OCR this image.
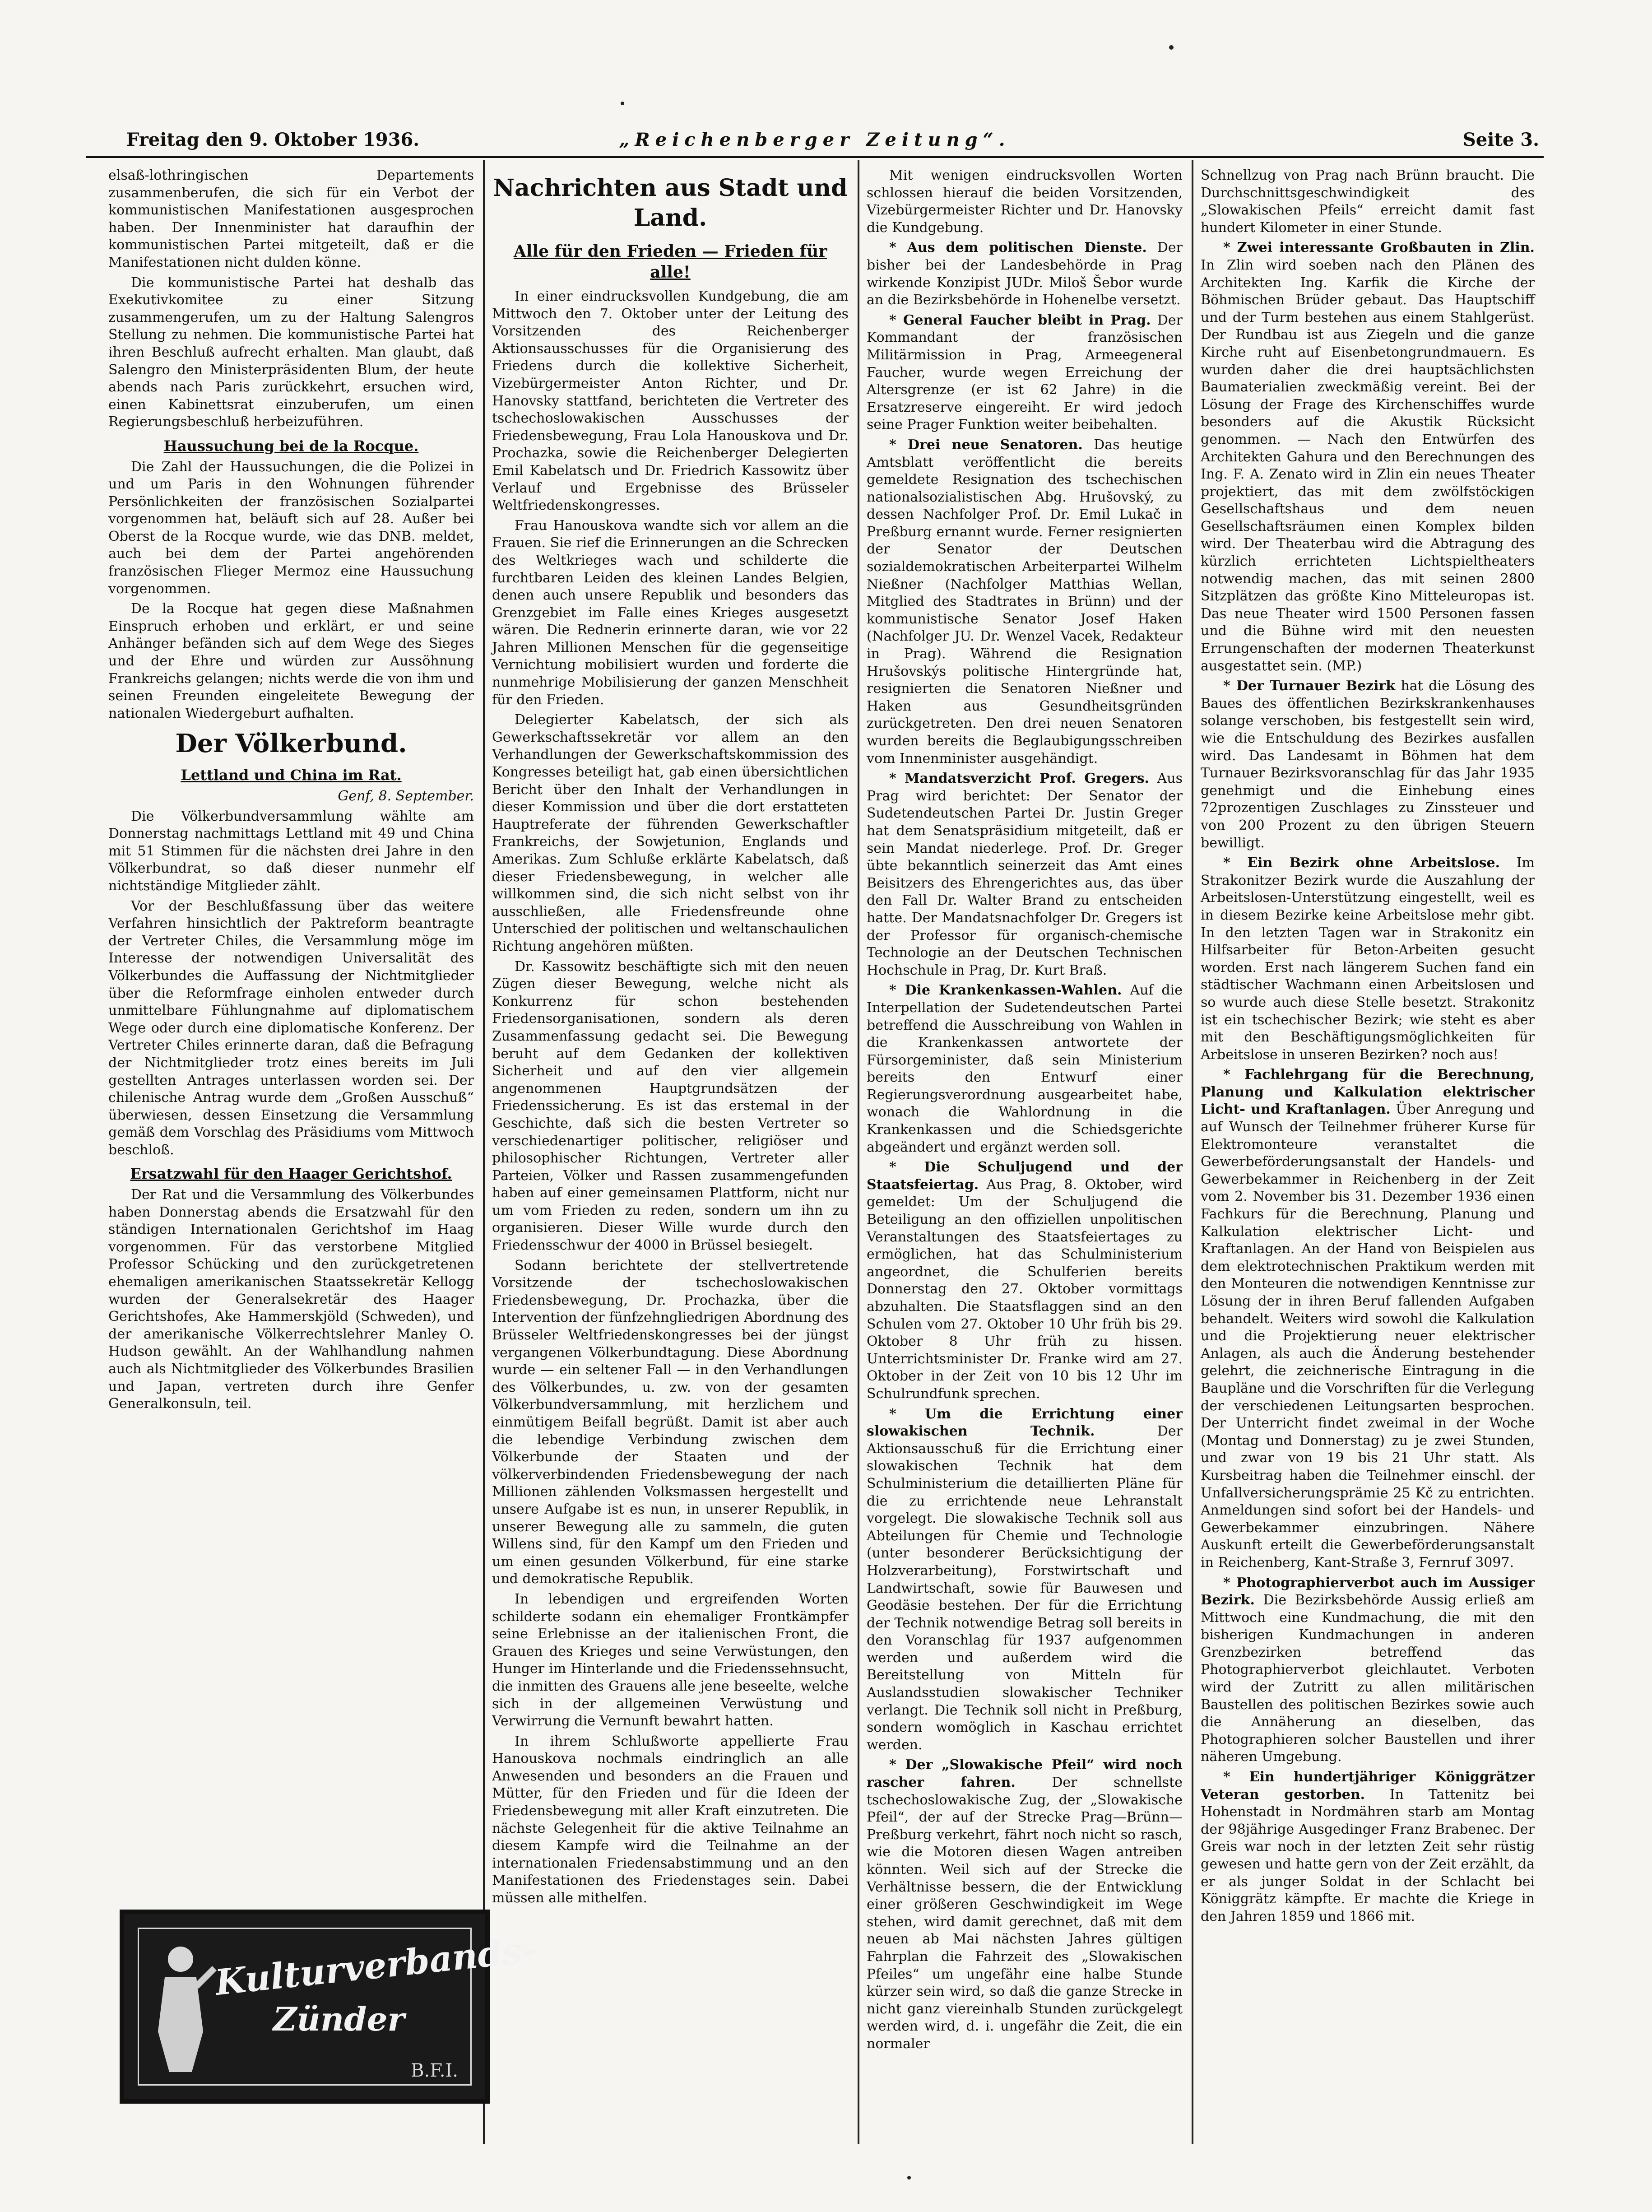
Freitag den 9. Oktober 1936.	„Reichenberger Zeitung“.	Seite 3.

elsaß-lothringischen Departements zusammenberufen, die sich für ein Verbot der kommunistischen Manifestationen ausgesprochen haben. Der Innenminister hat daraufhin der kommunistischen Partei mitgeteilt, daß er die Manifestationen nicht dulden könne.

Die kommunistische Partei hat deshalb das Exekutivkomitee zu einer Sitzung zusammengerufen, um zu der Haltung Salengros Stellung zu nehmen. Die kommunistische Partei hat ihren Beschluß aufrecht erhalten. Man glaubt, daß Salengro den Ministerpräsidenten Blum, der heute abends nach Paris zurückkehrt, ersuchen wird, einen Kabinettsrat einzuberufen, um einen Regierungsbeschluß herbeizuführen.

Haussuchung bei de la Rocque.

Die Zahl der Haussuchungen, die die Polizei in und um Paris in den Wohnungen führender Persönlichkeiten der französischen Sozialpartei vorgenommen hat, beläuft sich auf 28. Außer bei Oberst de la Rocque wurde, wie das DNB. meldet, auch bei dem der Partei angehörenden französischen Flieger Mermoz eine Haussuchung vorgenommen.

De la Rocque hat gegen diese Maßnahmen Einspruch erhoben und erklärt, er und seine Anhänger befänden sich auf dem Wege des Sieges und der Ehre und würden zur Aussöhnung Frankreichs gelangen; nichts werde die von ihm und seinen Freunden eingeleitete Bewegung der nationalen Wiedergeburt aufhalten.

Der Völkerbund.
Lettland und China im Rat.
Genf, 8. September.

Die Völkerbundversammlung wählte am Donnerstag nachmittags Lettland mit 49 und China mit 51 Stimmen für die nächsten drei Jahre in den Völkerbundrat, so daß dieser nunmehr elf nichtständige Mitglieder zählt.

Vor der Beschlußfassung über das weitere Verfahren hinsichtlich der Paktreform beantragte der Vertreter Chiles, die Versammlung möge im Interesse der notwendigen Universalität des Völkerbundes die Auffassung der Nichtmitglieder über die Reformfrage einholen entweder durch unmittelbare Fühlungnahme auf diplomatischem Wege oder durch eine diplomatische Konferenz. Der Vertreter Chiles erinnerte daran, daß die Befragung der Nichtmitglieder trotz eines bereits im Juli gestellten Antrages unterlassen worden sei. Der chilenische Antrag wurde dem „Großen Ausschuß“ überwiesen, dessen Einsetzung die Versammlung gemäß dem Vorschlag des Präsidiums vom Mittwoch beschloß.

Ersatzwahl für den Haager Gerichtshof.

Der Rat und die Versammlung des Völkerbundes haben Donnerstag abends die Ersatzwahl für den ständigen Internationalen Gerichtshof im Haag vorgenommen. Für das verstorbene Mitglied Professor Schücking und den zurückgetretenen ehemaligen amerikanischen Staatssekretär Kellogg wurden der Generalsekretär des Haager Gerichtshofes, Ake Hammerskjöld (Schweden), und der amerikanische Völkerrechtslehrer Manley O. Hudson gewählt. An der Wahlhandlung nahmen auch als Nichtmitglieder des Völkerbundes Brasilien und Japan, vertreten durch ihre Genfer Generalkonsuln, teil.

Kulturverbands-
Zünder
B.F.I.
Nachrichten aus Stadt und Land.
Alle für den Frieden — Frieden für alle!

In einer eindrucksvollen Kundgebung, die am Mittwoch den 7. Oktober unter der Leitung des Vorsitzenden des Reichenberger Aktionsausschusses für die Organisierung des Friedens durch die kollektive Sicherheit, Vizebürgermeister Anton Richter, und Dr. Hanovsky stattfand, berichteten die Vertreter des tschechoslowakischen Ausschusses der Friedensbewegung, Frau Lola Hanouskova und Dr. Prochazka, sowie die Reichenberger Delegierten Emil Kabelatsch und Dr. Friedrich Kassowitz über Verlauf und Ergebnisse des Brüsseler Weltfriedenskongresses.

Frau Hanouskova wandte sich vor allem an die Frauen. Sie rief die Erinnerungen an die Schrecken des Weltkrieges wach und schilderte die furchtbaren Leiden des kleinen Landes Belgien, denen auch unsere Republik und besonders das Grenzgebiet im Falle eines Krieges ausgesetzt wären. Die Rednerin erinnerte daran, wie vor 22 Jahren Millionen Menschen für die gegenseitige Vernichtung mobilisiert wurden und forderte die nunmehrige Mobilisierung der ganzen Menschheit für den Frieden.

Delegierter Kabelatsch, der sich als Gewerkschaftssekretär vor allem an den Verhandlungen der Gewerkschaftskommission des Kongresses beteiligt hat, gab einen übersichtlichen Bericht über den Inhalt der Verhandlungen in dieser Kommission und über die dort erstatteten Hauptreferate der führenden Gewerkschaftler Frankreichs, der Sowjetunion, Englands und Amerikas. Zum Schluße erklärte Kabelatsch, daß dieser Friedensbewegung, in welcher alle willkommen sind, die sich nicht selbst von ihr ausschließen, alle Friedensfreunde ohne Unterschied der politischen und weltanschaulichen Richtung angehören müßten.

Dr. Kassowitz beschäftigte sich mit den neuen Zügen dieser Bewegung, welche nicht als Konkurrenz für schon bestehenden Friedensorganisationen, sondern als deren Zusammenfassung gedacht sei. Die Bewegung beruht auf dem Gedanken der kollektiven Sicherheit und auf den vier allgemein angenommenen Hauptgrundsätzen der Friedenssicherung. Es ist das erstemal in der Geschichte, daß sich die besten Vertreter so verschiedenartiger politischer, religiöser und philosophischer Richtungen, Vertreter aller Parteien, Völker und Rassen zusammengefunden haben auf einer gemeinsamen Plattform, nicht nur um vom Frieden zu reden, sondern um ihn zu organisieren. Dieser Wille wurde durch den Friedensschwur der 4000 in Brüssel besiegelt.

Sodann berichtete der stellvertretende Vorsitzende der tschechoslowakischen Friedensbewegung, Dr. Prochazka, über die Intervention der fünfzehngliedrigen Abordnung des Brüsseler Weltfriedenskongresses bei der jüngst vergangenen Völkerbundtagung. Diese Abordnung wurde — ein seltener Fall — in den Verhandlungen des Völkerbundes, u. zw. von der gesamten Völkerbundversammlung, mit herzlichem und einmütigem Beifall begrüßt. Damit ist aber auch die lebendige Verbindung zwischen dem Völkerbunde der Staaten und der völkerverbindenden Friedensbewegung der nach Millionen zählenden Volksmassen hergestellt und unsere Aufgabe ist es nun, in unserer Republik, in unserer Bewegung alle zu sammeln, die guten Willens sind, für den Kampf um den Frieden und um einen gesunden Völkerbund, für eine starke und demokratische Republik.

In lebendigen und ergreifenden Worten schilderte sodann ein ehemaliger Frontkämpfer seine Erlebnisse an der italienischen Front, die Grauen des Krieges und seine Verwüstungen, den Hunger im Hinterlande und die Friedenssehnsucht, die inmitten des Grauens alle jene beseelte, welche sich in der allgemeinen Verwüstung und Verwirrung die Vernunft bewahrt hatten.

In ihrem Schlußworte appellierte Frau Hanouskova nochmals eindringlich an alle Anwesenden und besonders an die Frauen und Mütter, für den Frieden und für die Ideen der Friedensbewegung mit aller Kraft einzutreten. Die nächste Gelegenheit für die aktive Teilnahme an diesem Kampfe wird die Teilnahme an der internationalen Friedensabstimmung und an den Manifestationen des Friedenstages sein. Dabei müssen alle mithelfen.

Mit wenigen eindrucksvollen Worten schlossen hierauf die beiden Vorsitzenden, Vizebürgermeister Richter und Dr. Hanovsky die Kundgebung.

* Aus dem politischen Dienste. Der bisher bei der Landesbehörde in Prag wirkende Konzipist JUDr. Miloš Šebor wurde an die Bezirksbehörde in Hohenelbe versetzt.

* General Faucher bleibt in Prag. Der Kommandant der französischen Militärmission in Prag, Armeegeneral Faucher, wurde wegen Erreichung der Altersgrenze (er ist 62 Jahre) in die Ersatzreserve eingereiht. Er wird jedoch seine Prager Funktion weiter beibehalten.

* Drei neue Senatoren. Das heutige Amtsblatt veröffentlicht die bereits gemeldete Resignation des tschechischen nationalsozialistischen Abg. Hrušovský, zu dessen Nachfolger Prof. Dr. Emil Lukač in Preßburg ernannt wurde. Ferner resignierten der Senator der Deutschen sozialdemokratischen Arbeiterpartei Wilhelm Nießner (Nachfolger Matthias Wellan, Mitglied des Stadtrates in Brünn) und der kommunistische Senator Josef Haken (Nachfolger JU. Dr. Wenzel Vacek, Redakteur in Prag). Während die Resignation Hrušovskýs politische Hintergründe hat, resignierten die Senatoren Nießner und Haken aus Gesundheitsgründen zurückgetreten. Den drei neuen Senatoren wurden bereits die Beglaubigungsschreiben vom Innenminister ausgehändigt.

* Mandatsverzicht Prof. Gregers. Aus Prag wird berichtet: Der Senator der Sudetendeutschen Partei Dr. Justin Greger hat dem Senatspräsidium mitgeteilt, daß er sein Mandat niederlege. Prof. Dr. Greger übte bekanntlich seinerzeit das Amt eines Beisitzers des Ehrengerichtes aus, das über den Fall Dr. Walter Brand zu entscheiden hatte. Der Mandatsnachfolger Dr. Gregers ist der Professor für organisch-chemische Technologie an der Deutschen Technischen Hochschule in Prag, Dr. Kurt Braß.

* Die Krankenkassen-Wahlen. Auf die Interpellation der Sudetendeutschen Partei betreffend die Ausschreibung von Wahlen in die Krankenkassen antwortete der Fürsorgeminister, daß sein Ministerium bereits den Entwurf einer Regierungsverordnung ausgearbeitet habe, wonach die Wahlordnung in die Krankenkassen und die Schiedsgerichte abgeändert und ergänzt werden soll.

* Die Schuljugend und der Staatsfeiertag. Aus Prag, 8. Oktober, wird gemeldet: Um der Schuljugend die Beteiligung an den offiziellen unpolitischen Veranstaltungen des Staatsfeiertages zu ermöglichen, hat das Schulministerium angeordnet, die Schulferien bereits Donnerstag den 27. Oktober vormittags abzuhalten. Die Staatsflaggen sind an den Schulen vom 27. Oktober 10 Uhr früh bis 29. Oktober 8 Uhr früh zu hissen. Unterrichtsminister Dr. Franke wird am 27. Oktober in der Zeit von 10 bis 12 Uhr im Schulrundfunk sprechen.

* Um die Errichtung einer slowakischen Technik.	Der Aktionsausschuß für die Errichtung einer slowakischen Technik hat dem Schulministerium die detaillierten Pläne für die zu errichtende neue Lehranstalt vorgelegt. Die slowakische Technik soll aus Abteilungen für Chemie und Technologie (unter besonderer Berücksichtigung der Holzverarbeitung), Forstwirtschaft und Landwirtschaft, sowie für Bauwesen und Geodäsie bestehen. Der für die Errichtung der Technik notwendige Betrag soll bereits in den Voranschlag für 1937 aufgenommen werden und außerdem wird die Bereitstellung von Mitteln für Auslandsstudien slowakischer Techniker verlangt. Die Technik soll nicht in Preßburg, sondern womöglich in Kaschau errichtet werden.

* Der „Slowakische Pfeil“ wird noch rascher fahren.	Der schnellste tschechoslowakische Zug, der „Slowakische Pfeil“, der auf der Strecke Prag—Brünn—Preßburg verkehrt, fährt noch nicht so rasch, wie die Motoren diesen Wagen antreiben könnten. Weil sich auf der Strecke die Verhältnisse bessern, die der Entwicklung einer größeren Geschwindigkeit im Wege stehen, wird damit gerechnet, daß mit dem neuen ab Mai nächsten Jahres gültigen Fahrplan die Fahrzeit des „Slowakischen Pfeiles“ um ungefähr eine halbe Stunde kürzer sein wird, so daß die ganze Strecke in nicht ganz viereinhalb Stunden zurückgelegt werden wird, d. i. ungefähr die Zeit, die ein normaler

Schnellzug von Prag nach Brünn braucht. Die Durchschnittsgeschwindigkeit des „Slowakischen Pfeils“ erreicht damit fast hundert Kilometer in einer Stunde.

* Zwei interessante Großbauten in Zlin. In Zlin wird soeben nach den Plänen des Architekten Ing. Karfik die Kirche der Böhmischen Brüder gebaut. Das Hauptschiff und der Turm bestehen aus einem Stahlgerüst. Der Rundbau ist aus Ziegeln und die ganze Kirche ruht auf Eisenbetongrundmauern. Es wurden daher die drei hauptsächlichsten Baumaterialien zweckmäßig vereint. Bei der Lösung der Frage des Kirchenschiffes wurde besonders auf die Akustik Rücksicht genommen. — Nach den Entwürfen des Architekten Gahura und den Berechnungen des Ing. F. A. Zenato wird in Zlin ein neues Theater projektiert, das mit dem zwölfstöckigen Gesellschaftshaus und dem neuen Gesellschaftsräumen einen Komplex bilden wird. Der Theaterbau wird die Abtragung des kürzlich errichteten Lichtspieltheaters notwendig machen, das mit seinen 2800 Sitzplätzen das größte Kino Mitteleuropas ist. Das neue Theater wird 1500 Personen fassen und die Bühne wird mit den neuesten Errungenschaften der modernen Theaterkunst ausgestattet sein. (MP.)

* Der Turnauer Bezirk hat die Lösung des Baues des öffentlichen Bezirkskrankenhauses solange verschoben, bis festgestellt sein wird, wie die Entschuldung des Bezirkes ausfallen wird. Das Landesamt in Böhmen hat dem Turnauer Bezirksvoranschlag für das Jahr 1935 genehmigt und die Einhebung eines 72prozentigen Zuschlages zu Zinssteuer und von 200 Prozent zu den übrigen Steuern bewilligt.

* Ein Bezirk ohne Arbeitslose. Im Strakonitzer Bezirk wurde die Auszahlung der Arbeitslosen-Unterstützung eingestellt, weil es in diesem Bezirke keine Arbeitslose mehr gibt. In den letzten Tagen war in Strakonitz ein Hilfsarbeiter für Beton-Arbeiten gesucht worden. Erst nach längerem Suchen fand ein städtischer Wachmann einen Arbeitslosen und so wurde auch diese Stelle besetzt. Strakonitz ist ein tschechischer Bezirk; wie steht es aber mit den Beschäftigungsmöglichkeiten für Arbeitslose in unseren Bezirken? noch aus!

* Fachlehrgang für die Berechnung, Planung und Kalkulation elektrischer Licht- und Kraftanlagen. Über Anregung und auf Wunsch der Teilnehmer früherer Kurse für Elektromonteure veranstaltet die Gewerbeförderungsanstalt der Handels- und Gewerbekammer in Reichenberg in der Zeit vom 2. November bis 31. Dezember 1936 einen Fachkurs für die Berechnung, Planung und Kalkulation elektrischer Licht- und Kraftanlagen. An der Hand von Beispielen aus dem elektrotechnischen Praktikum werden mit den Monteuren die notwendigen Kenntnisse zur Lösung der in ihren Beruf fallenden Aufgaben behandelt. Weiters wird sowohl die Kalkulation und die Projektierung neuer elektrischer Anlagen, als auch die Änderung bestehender gelehrt, die zeichnerische Eintragung in die Baupläne und die Vorschriften für die Verlegung der verschiedenen Leitungsarten besprochen. Der Unterricht findet zweimal in der Woche (Montag und Donnerstag) zu je zwei Stunden, und zwar von 19 bis 21 Uhr statt. Als Kursbeitrag haben die Teilnehmer einschl. der Unfallversicherungsprämie 25 Kč zu entrichten. Anmeldungen sind sofort bei der Handels- und Gewerbekammer einzubringen. Nähere Auskunft erteilt die Gewerbeförderungsanstalt in Reichenberg, Kant-Straße 3, Fernruf 3097.

* Photographierverbot auch im Aussiger Bezirk. Die Bezirksbehörde Aussig erließ am Mittwoch eine Kundmachung, die mit den bisherigen Kundmachungen in anderen Grenzbezirken betreffend das Photographierverbot gleichlautet. Verboten wird der Zutritt zu allen militärischen Baustellen des politischen Bezirkes sowie auch die Annäherung an dieselben, das Photographieren solcher Baustellen und ihrer näheren Umgebung.

* Ein hundertjähriger Königgrätzer Veteran gestorben. In Tattenitz bei Hohenstadt in Nordmähren starb am Montag der 98jährige Ausgedinger Franz Brabenec. Der Greis war noch in der letzten Zeit sehr rüstig gewesen und hatte gern von der Zeit erzählt, da er als junger Soldat in der Schlacht bei Königgrätz kämpfte. Er machte die Kriege in den Jahren 1859 und 1866 mit.
